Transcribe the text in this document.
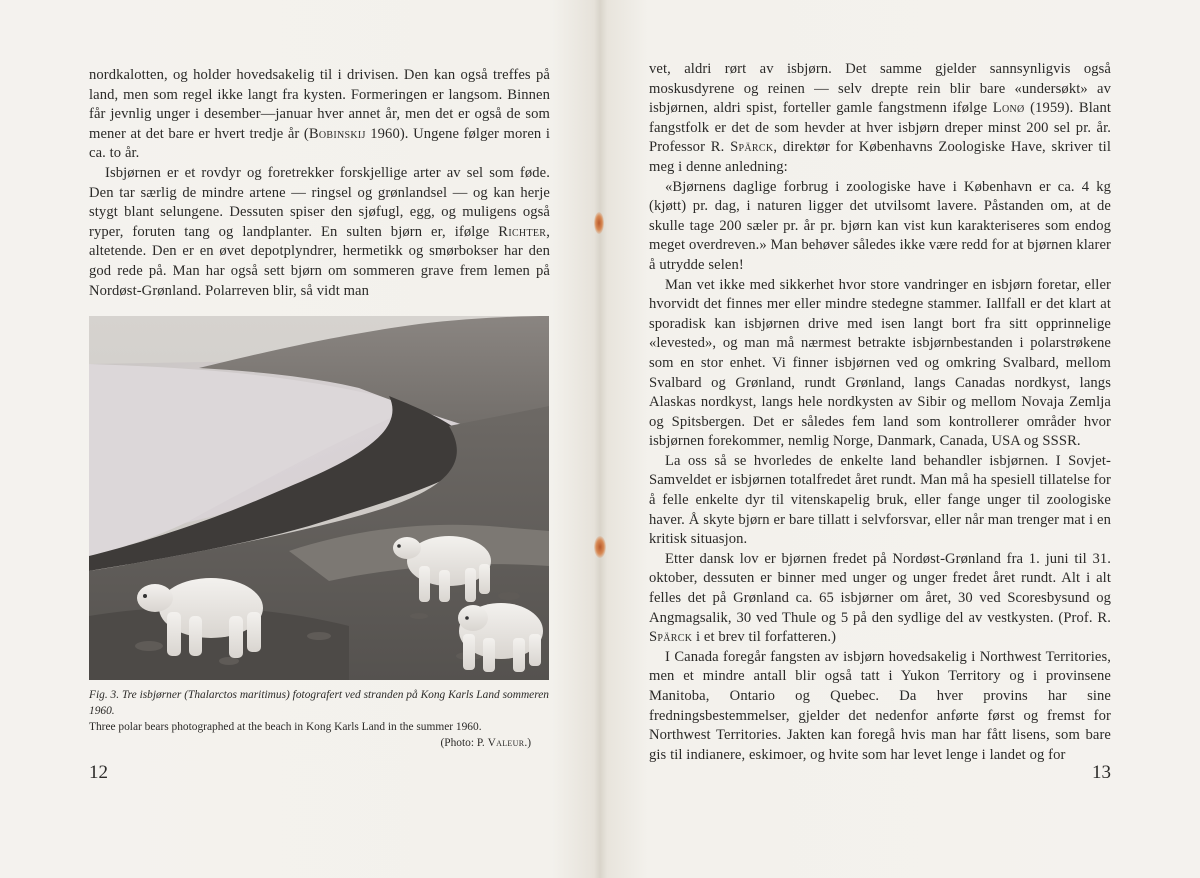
nordkalotten, og holder hovedsakelig til i drivisen. Den kan også treffes på land, men som regel ikke langt fra kysten. Formeringen er langsom. Binnen får jevnlig unger i desember—januar hver annet år, men det er også de som mener at det bare er hvert tredje år (Bobinskij 1960). Ungene følger moren i ca. to år.

Isbjørnen er et rovdyr og foretrekker forskjellige arter av sel som føde. Den tar særlig de mindre artene — ringsel og grønlandsel — og kan herje stygt blant selungene. Dessuten spiser den sjøfugl, egg, og muligens også ryper, foruten tang og landplanter. En sulten bjørn er, ifølge Richter, altetende. Den er en øvet depotplyndrer, hermetikk og smørbokser har den god rede på. Man har også sett bjørn om sommeren grave frem lemen på Nordøst-Grønland. Polarreven blir, så vidt man

Fig. 3. Tre isbjørner (Thalarctos maritimus) fotografert ved stranden på Kong Karls Land sommeren 1960.
Three polar bears photographed at the beach in Kong Karls Land in the summer 1960.
(Photo: P. Valeur.)
12

vet, aldri rørt av isbjørn. Det samme gjelder sannsynligvis også moskusdyrene og reinen — selv drepte rein blir bare «undersøkt» av isbjørnen, aldri spist, forteller gamle fangstmenn ifølge Lonø (1959). Blant fangstfolk er det de som hevder at hver isbjørn dreper minst 200 sel pr. år. Professor R. Spärck, direktør for Københavns Zoologiske Have, skriver til meg i denne anledning:

«Bjørnens daglige forbrug i zoologiske have i København er ca. 4 kg (kjøtt) pr. dag, i naturen ligger det utvilsomt lavere. Påstanden om, at de skulle tage 200 sæler pr. år pr. bjørn kan vist kun karakteriseres som endog meget overdreven.» Man behøver således ikke være redd for at bjørnen klarer å utrydde selen!

Man vet ikke med sikkerhet hvor store vandringer en isbjørn foretar, eller hvorvidt det finnes mer eller mindre stedegne stammer. Iallfall er det klart at sporadisk kan isbjørnen drive med isen langt bort fra sitt opprinnelige «levested», og man må nærmest betrakte isbjørnbestanden i polarstrøkene som en stor enhet. Vi finner isbjørnen ved og omkring Svalbard, mellom Svalbard og Grønland, rundt Grønland, langs Canadas nordkyst, langs Alaskas nordkyst, langs hele nordkysten av Sibir og mellom Novaja Zemlja og Spitsbergen. Det er således fem land som kontrollerer områder hvor isbjørnen forekommer, nemlig Norge, Danmark, Canada, USA og SSSR.

La oss så se hvorledes de enkelte land behandler isbjørnen. I Sovjet-Samveldet er isbjørnen totalfredet året rundt. Man må ha spesiell tillatelse for å felle enkelte dyr til vitenskapelig bruk, eller fange unger til zoologiske haver. Å skyte bjørn er bare tillatt i selvforsvar, eller når man trenger mat i en kritisk situasjon.

Etter dansk lov er bjørnen fredet på Nordøst-Grønland fra 1. juni til 31. oktober, dessuten er binner med unger og unger fredet året rundt. Alt i alt felles det på Grønland ca. 65 isbjørner om året, 30 ved Scoresbysund og Angmagsalik, 30 ved Thule og 5 på den sydlige del av vestkysten. (Prof. R. Spärck i et brev til forfatteren.)

I Canada foregår fangsten av isbjørn hovedsakelig i Northwest Territories, men et mindre antall blir også tatt i Yukon Territory og i provinsene Manitoba, Ontario og Quebec. Da hver provins har sine fredningsbestemmelser, gjelder det nedenfor anførte først og fremst for Northwest Territories. Jakten kan foregå hvis man har fått lisens, som bare gis til indianere, eskimoer, og hvite som har levet lenge i landet og for

13
